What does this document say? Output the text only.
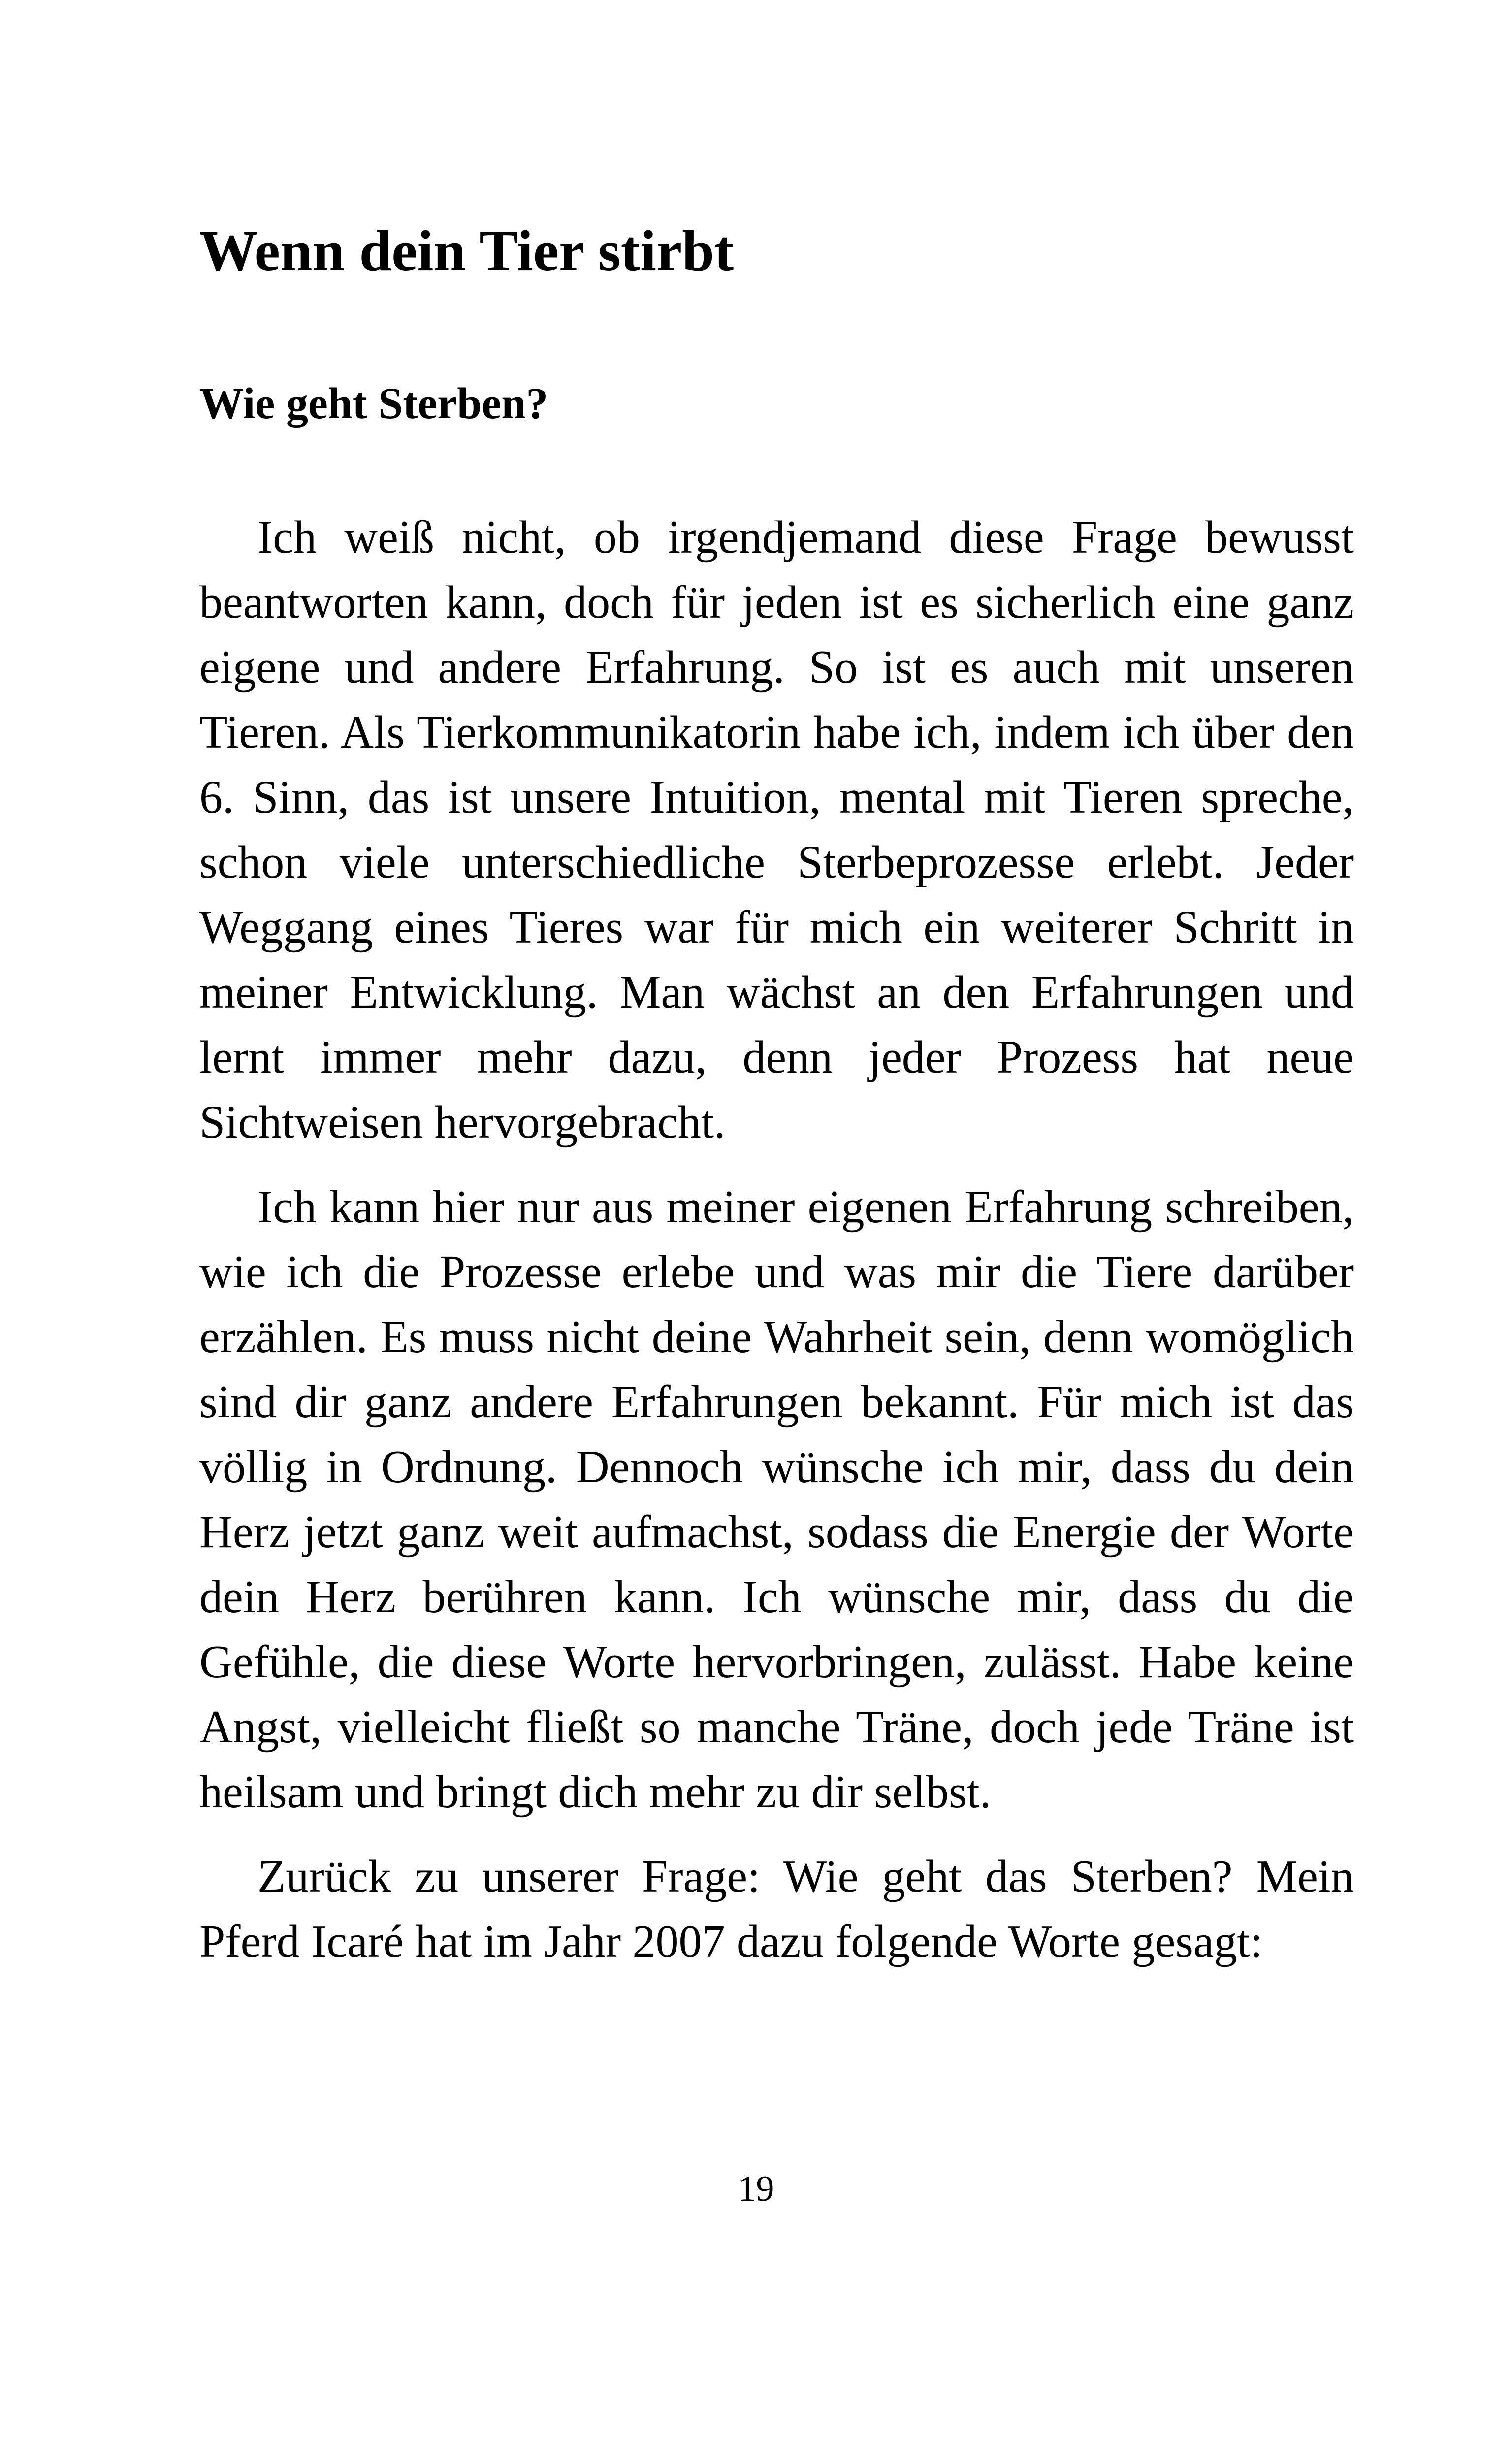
Wenn dein Tier stirbt
Wie geht Sterben?

Ich weiß nicht, ob irgendjemand diese Frage bewusst beantworten kann, doch für jeden ist es sicherlich eine ganz eigene und andere Erfahrung. So ist es auch mit unseren Tieren. Als Tierkommunikatorin habe ich, indem ich über den 6. Sinn, das ist unsere Intuition, mental mit Tieren spreche, schon viele unterschiedliche Sterbeprozesse erlebt. Jeder Weggang eines Tieres war für mich ein weiterer Schritt in meiner Entwicklung. Man wächst an den Erfahrungen und lernt immer mehr dazu, denn jeder Prozess hat neue Sichtweisen hervorgebracht.

Ich kann hier nur aus meiner eigenen Erfahrung schreiben, wie ich die Prozesse erlebe und was mir die Tiere darüber erzählen. Es muss nicht deine Wahrheit sein, denn womöglich sind dir ganz andere Erfahrungen bekannt. Für mich ist das völlig in Ordnung. Dennoch wünsche ich mir, dass du dein Herz jetzt ganz weit aufmachst, sodass die Energie der Worte dein Herz berühren kann. Ich wünsche mir, dass du die Gefühle, die diese Worte hervorbringen, zulässt. Habe keine Angst, vielleicht fließt so manche Träne, doch jede Träne ist heilsam und bringt dich mehr zu dir selbst.

Zurück zu unserer Frage: Wie geht das Sterben? Mein Pferd Icaré hat im Jahr 2007 dazu folgende Worte gesagt:

19
